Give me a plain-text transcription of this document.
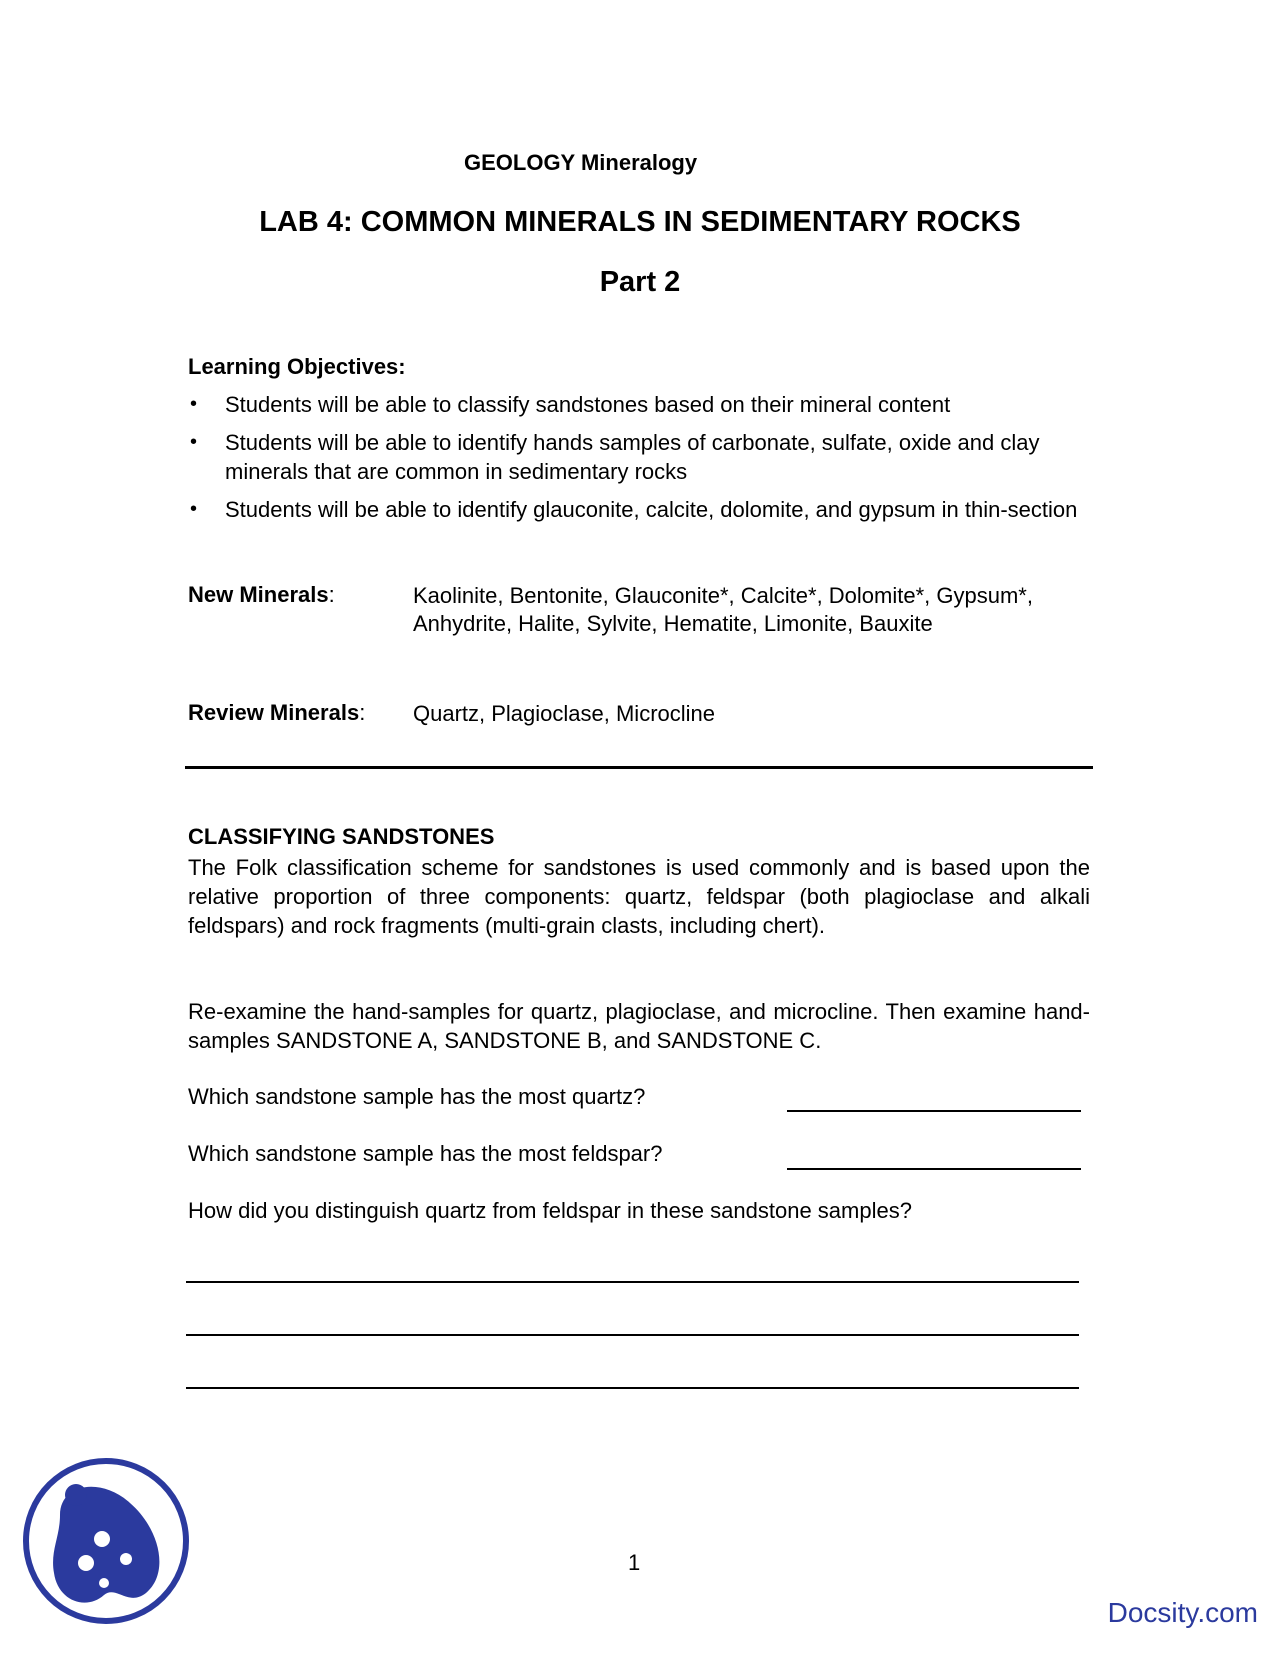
GEOLOGY Mineralogy
LAB 4: COMMON MINERALS IN SEDIMENTARY ROCKS
Part 2
Learning Objectives:
• Students will be able to classify sandstones based on their mineral content
• Students will be able to identify hands samples of carbonate, sulfate, oxide and clay minerals that are common in sedimentary rocks
• Students will be able to identify glauconite, calcite, dolomite, and gypsum in thin-section
New Minerals:	Kaolinite, Bentonite, Glauconite*, Calcite*, Dolomite*, Gypsum*, Anhydrite, Halite, Sylvite, Hematite, Limonite, Bauxite
Review Minerals: Quartz, Plagioclase, Microcline
CLASSIFYING SANDSTONES
The Folk classification scheme for sandstones is used commonly and is based upon the relative proportion of three components: quartz, feldspar (both plagioclase and alkali feldspars) and rock fragments (multi-grain clasts, including chert).
Re-examine the hand-samples for quartz, plagioclase, and microcline. Then examine hand-samples SANDSTONE A, SANDSTONE B, and SANDSTONE C.
Which sandstone sample has the most quartz?
Which sandstone sample has the most feldspar?
How did you distinguish quartz from feldspar in these sandstone samples?
1
Docsity.com
